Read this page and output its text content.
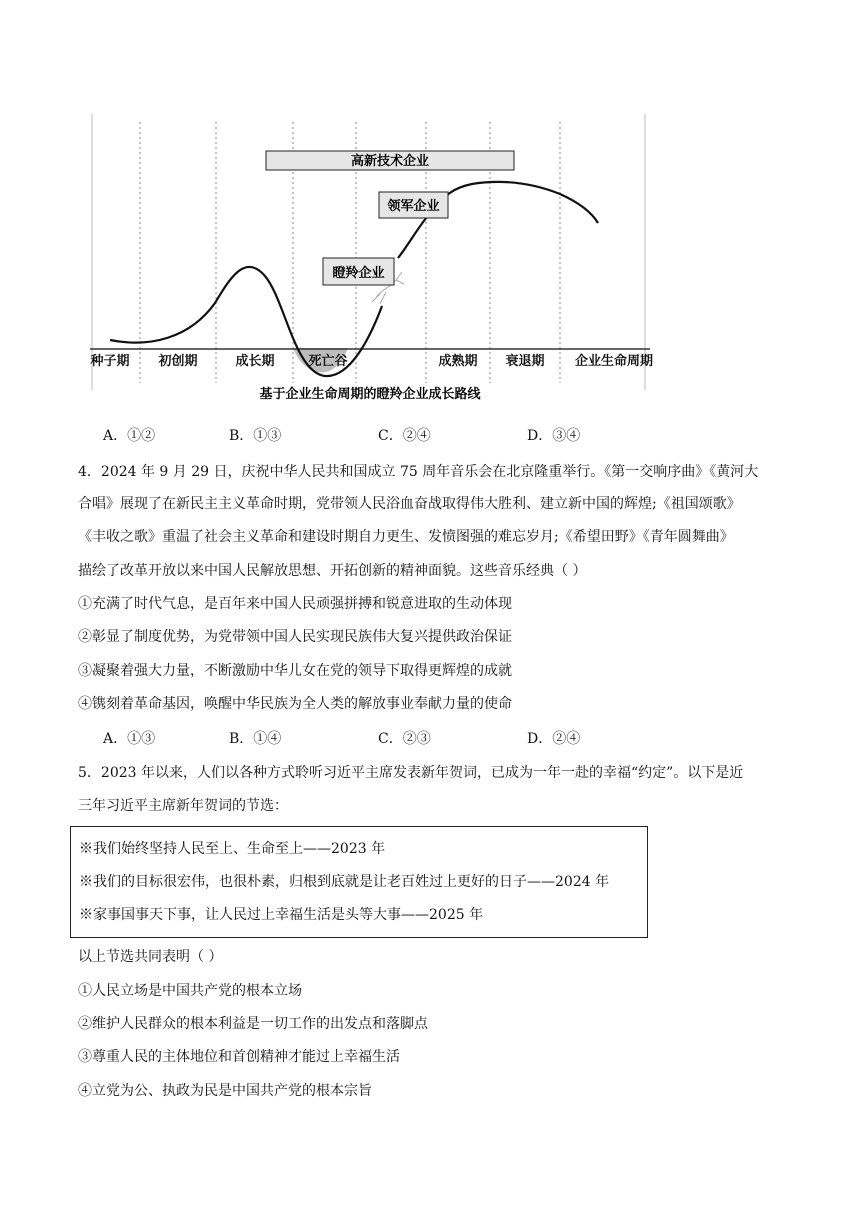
高新技术企业
领军企业
瞪羚企业
种子期 初创期	成长期	死亡谷	成熟期 衰退期 企业生命周期
基于企业生命周期的瞪羚企业成长路线
A．①②	B．①③	C．②④	D．③④
4．2024 年 9 月 29 日，庆祝中华人民共和国成立 75 周年音乐会在北京隆重举行。《第一交响序曲》《黄河大
合唱》展现了在新民主主义革命时期，党带领人民浴血奋战取得伟大胜利、建立新中国的辉煌;《祖国颂歌》
《丰收之歌》重温了社会主义革命和建设时期自力更生、发愤图强的难忘岁月;《希望田野》《青年圆舞曲》
描绘了改革开放以来中国人民解放思想、开拓创新的精神面貌。这些音乐经典（ ）
①充满了时代气息，是百年来中国人民顽强拼搏和锐意进取的生动体现
②彰显了制度优势，为党带领中国人民实现民族伟大复兴提供政治保证
③凝聚着强大力量，不断激励中华儿女在党的领导下取得更辉煌的成就
④镌刻着革命基因，唤醒中华民族为全人类的解放事业奉献力量的使命
A．①③	B．①④	C．②③	D．②④
5．2023 年以来，人们以各种方式聆听习近平主席发表新年贺词，已成为一年一赴的幸福“约定”。以下是近
三年习近平主席新年贺词的节选：
※我们始终坚持人民至上、生命至上——2023 年
※我们的目标很宏伟，也很朴素，归根到底就是让老百姓过上更好的日子——2024 年
※家事国事天下事，让人民过上幸福生活是头等大事——2025 年
以上节选共同表明（ ）
①人民立场是中国共产党的根本立场
②维护人民群众的根本利益是一切工作的出发点和落脚点
③尊重人民的主体地位和首创精神才能过上幸福生活
④立党为公、执政为民是中国共产党的根本宗旨
